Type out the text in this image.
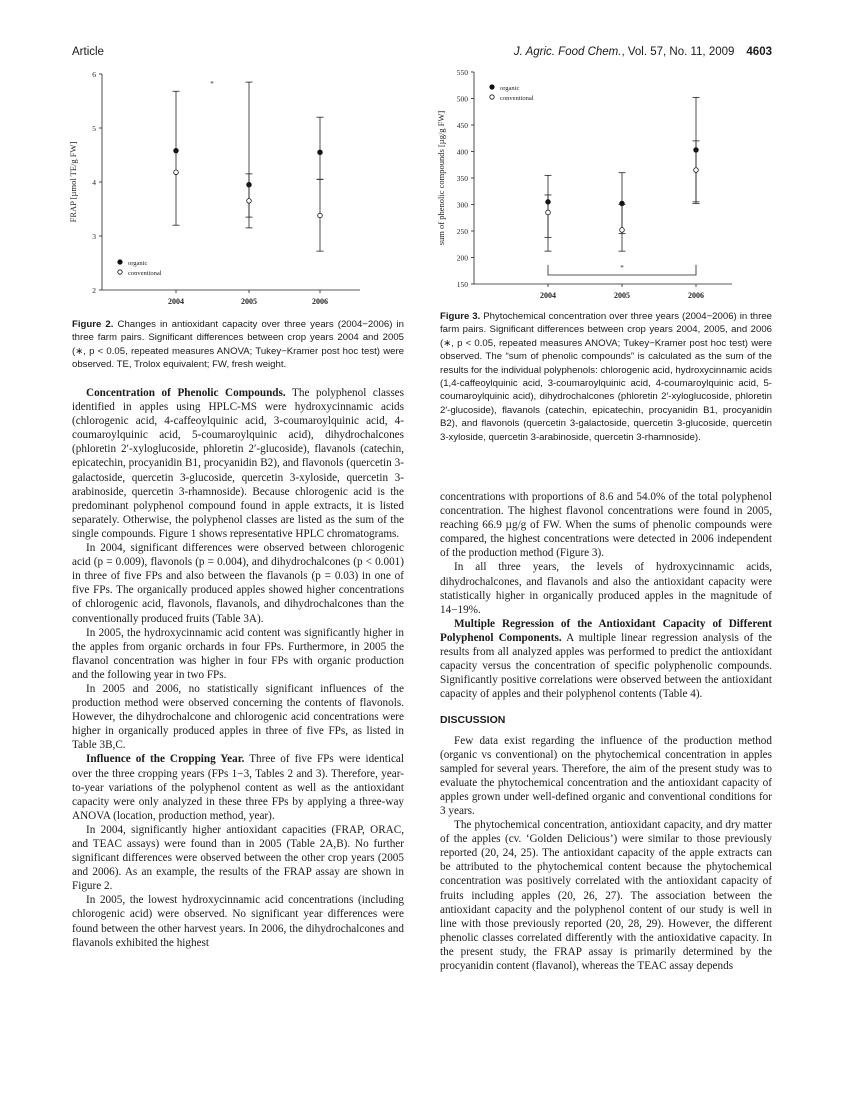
Article	J. Agric. Food Chem., Vol. 57, No. 11, 2009 4603
2
3
4
5
6
2004	2005	2006
FRAP [µmol TE/g FW]
organic
conventional
*
Figure 2. Changes in antioxidant capacity over three years (2004−2006) in three farm pairs. Significant differences between crop years 2004 and 2005 (∗, p < 0.05, repeated measures ANOVA; Tukey−Kramer post hoc test) were observed. TE, Trolox equivalent; FW, fresh weight.
150
200
250
300
350
400
450
500
550
2004	2005	2006
sum of phenolic compounds [µg/g FW]
organic
conventional
*
Figure 3. Phytochemical concentration over three years (2004−2006) in three farm pairs. Significant differences between crop years 2004, 2005, and 2006 (∗, p < 0.05, repeated measures ANOVA; Tukey−Kramer post hoc test) were observed. The “sum of phenolic compounds” is calculated as the sum of the results for the individual polyphenols: chlorogenic acid, hydroxycinnamic acids (1,4-caffeoylquinic acid, 3-coumaroylquinic acid, 4-coumaroylquinic acid, 5-coumaroylquinic acid), dihydrochalcones (phloretin 2′-xyloglucoside, phloretin 2′-glucoside), flavanols (catechin, epicatechin, procyanidin B1, procyanidin B2), and flavonols (quercetin 3-galactoside, quercetin 3-glucoside, quercetin 3-xyloside, quercetin 3-arabinoside, quercetin 3-rhamnoside).

Concentration of Phenolic Compounds. The polyphenol classes identified in apples using HPLC-MS were hydroxycinnamic acids (chlorogenic acid, 4-caffeoylquinic acid, 3-coumaroylquinic acid, 4-coumaroylquinic acid, 5-coumaroylquinic acid), dihydrochalcones (phloretin 2′-xyloglucoside, phloretin 2′-glucoside), flavanols (catechin, epicatechin, procyanidin B1, procyanidin B2), and flavonols (quercetin 3-galactoside, quercetin 3-glucoside, quercetin 3-xyloside, quercetin 3-arabinoside, quercetin 3-rhamnoside). Because chlorogenic acid is the predominant polyphenol compound found in apple extracts, it is listed separately. Otherwise, the polyphenol classes are listed as the sum of the single compounds. Figure 1 shows representative HPLC chromatograms.

In 2004, significant differences were observed between chlorogenic acid (p = 0.009), flavonols (p = 0.004), and dihydrochalcones (p < 0.001) in three of five FPs and also between the flavanols (p = 0.03) in one of five FPs. The organically produced apples showed higher concentrations of chlorogenic acid, flavonols, flavanols, and dihydrochalcones than the conventionally produced fruits (Table 3A).

In 2005, the hydroxycinnamic acid content was significantly higher in the apples from organic orchards in four FPs. Furthermore, in 2005 the flavanol concentration was higher in four FPs with organic production and the following year in two FPs.

In 2005 and 2006, no statistically significant influences of the production method were observed concerning the contents of flavonols. However, the dihydrochalcone and chlorogenic acid concentrations were higher in organically produced apples in three of five FPs, as listed in Table 3B,C.

Influence of the Cropping Year. Three of five FPs were identical over the three cropping years (FPs 1−3, Tables 2 and 3). Therefore, year-to-year variations of the polyphenol content as well as the antioxidant capacity were only analyzed in these three FPs by applying a three-way ANOVA (location, production method, year).

In 2004, significantly higher antioxidant capacities (FRAP, ORAC, and TEAC assays) were found than in 2005 (Table 2A,B). No further significant differences were observed between the other crop years (2005 and 2006). As an example, the results of the FRAP assay are shown in Figure 2.

In 2005, the lowest hydroxycinnamic acid concentrations (including chlorogenic acid) were observed. No significant year differences were found between the other harvest years. In 2006, the dihydrochalcones and flavanols exhibited the highest

concentrations with proportions of 8.6 and 54.0% of the total polyphenol concentration. The highest flavonol concentrations were found in 2005, reaching 66.9 µg/g of FW. When the sums of phenolic compounds were compared, the highest concentrations were detected in 2006 independent of the production method (Figure 3).

In all three years, the levels of hydroxycinnamic acids, dihydrochalcones, and flavanols and also the antioxidant capacity were statistically higher in organically produced apples in the magnitude of 14−19%.

Multiple Regression of the Antioxidant Capacity of Different Polyphenol Components. A multiple linear regression analysis of the results from all analyzed apples was performed to predict the antioxidant capacity versus the concentration of specific polyphenolic compounds. Significantly positive correlations were observed between the antioxidant capacity of apples and their polyphenol contents (Table 4).

DISCUSSION

Few data exist regarding the influence of the production method (organic vs conventional) on the phytochemical concentration in apples sampled for several years. Therefore, the aim of the present study was to evaluate the phytochemical concentration and the antioxidant capacity of apples grown under well-defined organic and conventional conditions for 3 years.

The phytochemical concentration, antioxidant capacity, and dry matter of the apples (cv. ‘Golden Delicious’) were similar to those previously reported (20, 24, 25). The antioxidant capacity of the apple extracts can be attributed to the phytochemical content because the phytochemical concentration was positively correlated with the antioxidant capacity of fruits including apples (20, 26, 27). The association between the antioxidant capacity and the polyphenol content of our study is well in line with those previously reported (20, 28, 29). However, the different phenolic classes correlated differently with the antioxidative capacity. In the present study, the FRAP assay is primarily determined by the procyanidin content (flavanol), whereas the TEAC assay depends
